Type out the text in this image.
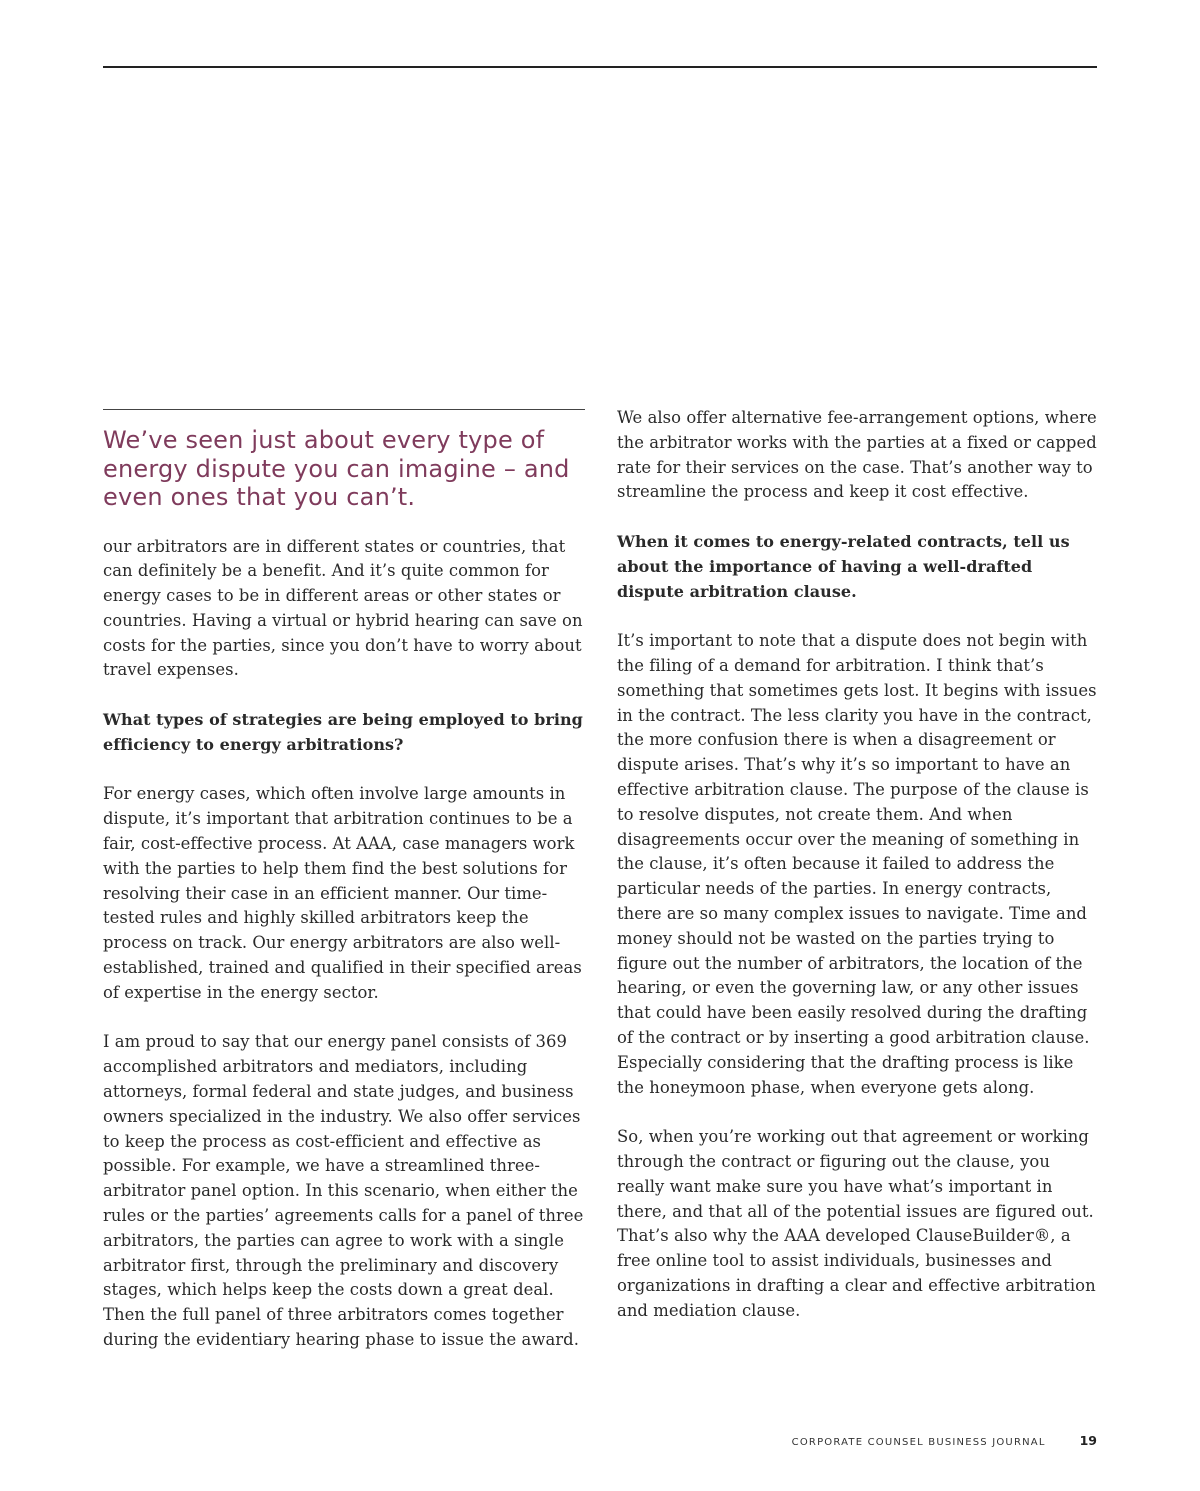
We’ve seen just about every type of energy dispute you can imagine – and even ones that you can’t.

our arbitrators are in different states or countries, that can definitely be a benefit. And it’s quite common for energy cases to be in different areas or other states or countries. Having a virtual or hybrid hearing can save on costs for the parties, since you don’t have to worry about travel expenses.

What types of strategies are being employed to bring efficiency to energy arbitrations?

For energy cases, which often involve large amounts in dispute, it’s important that arbitration continues to be a fair, cost-effective process. At AAA, case managers work with the parties to help them find the best solutions for resolving their case in an efficient manner. Our time-tested rules and highly skilled arbitrators keep the process on track. Our energy arbitrators are also well-established, trained and qualified in their specified areas of expertise in the energy sector.

I am proud to say that our energy panel consists of 369 accomplished arbitrators and mediators, including attorneys, formal federal and state judges, and business owners specialized in the industry. We also offer services to keep the process as cost-efficient and effective as possible. For example, we have a streamlined three-arbitrator panel option. In this scenario, when either the rules or the parties’ agreements calls for a panel of three arbitrators, the parties can agree to work with a single arbitrator first, through the preliminary and discovery stages, which helps keep the costs down a great deal. Then the full panel of three arbitrators comes together during the evidentiary hearing phase to issue the award.

We also offer alternative fee-arrangement options, where the arbitrator works with the parties at a fixed or capped rate for their services on the case. That’s another way to streamline the process and keep it cost effective.

When it comes to energy-related contracts, tell us about the importance of having a well-drafted dispute arbitration clause.

It’s important to note that a dispute does not begin with the filing of a demand for arbitration. I think that’s something that sometimes gets lost. It begins with issues in the contract. The less clarity you have in the contract, the more confusion there is when a disagreement or dispute arises. That’s why it’s so important to have an effective arbitration clause. The purpose of the clause is to resolve disputes, not create them. And when disagreements occur over the meaning of something in the clause, it’s often because it failed to address the particular needs of the parties. In energy contracts, there are so many complex issues to navigate. Time and money should not be wasted on the parties trying to figure out the number of arbitrators, the location of the hearing, or even the governing law, or any other issues that could have been easily resolved during the drafting of the contract or by inserting a good arbitration clause. Especially considering that the drafting process is like the honeymoon phase, when everyone gets along.

So, when you’re working out that agreement or working through the contract or figuring out the clause, you really want make sure you have what’s important in there, and that all of the potential issues are figured out. That’s also why the AAA developed ClauseBuilder®, a free online tool to assist individuals, businesses and organizations in drafting a clear and effective arbitration and mediation clause.

CORPORATE COUNSEL BUSINESS JOURNAL	19
